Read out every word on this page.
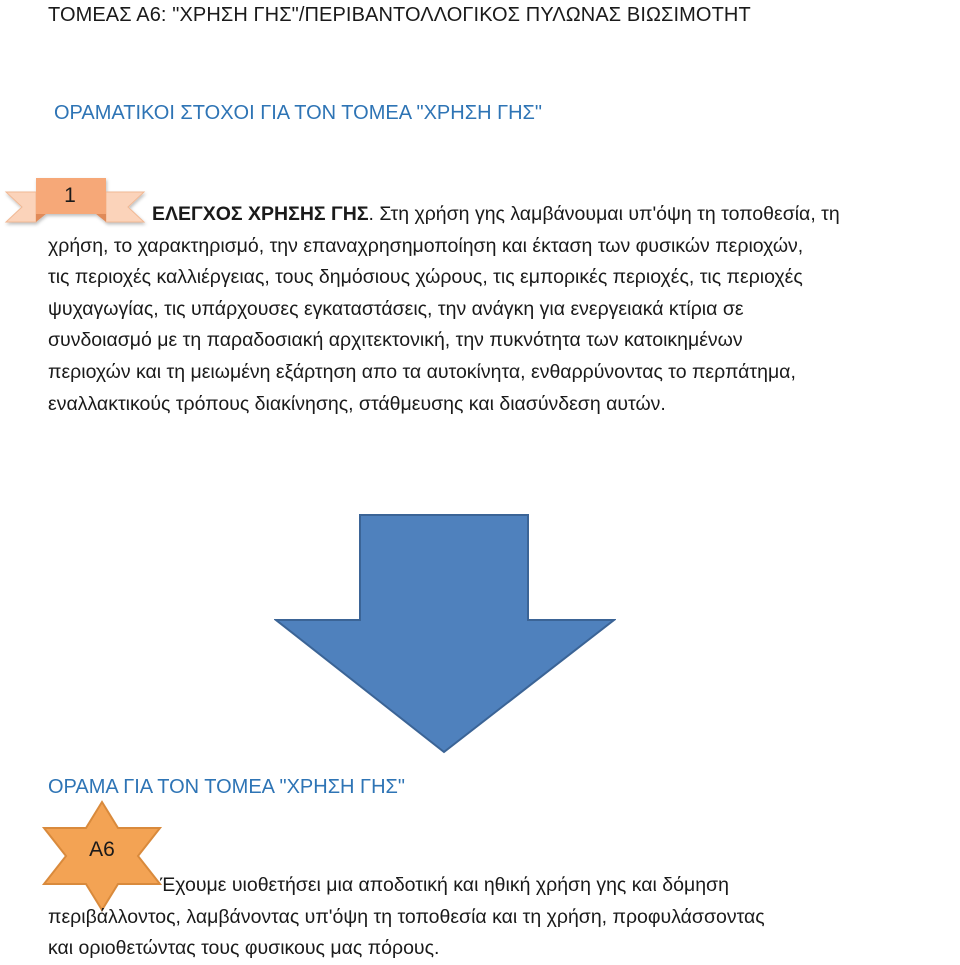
ΤΟΜΕΑΣ Α6: "ΧΡΗΣΗ ΓΗΣ"/ΠΕΡΙΒΑΝΤΟΛΛΟΓΙΚΟΣ ΠΥΛΩΝΑΣ ΒΙΩΣΙΜΟΤΗΤ
ΟΡΑΜΑΤΙΚΟΙ ΣΤΟΧΟΙ ΓΙΑ ΤΟΝ ΤΟΜΕΑ "ΧΡΗΣΗ ΓΗΣ"
1
ΕΛΕΓΧΟΣ ΧΡΗΣΗΣ ΓΗΣ. Στη χρήση γης λαμβάνουμαι υπ'όψη τη τοποθεσία, τη
χρήση, το χαρακτηρισμό, την επαναχρησημοποίηση και έκταση των φυσικών περιοχών,
τις περιοχές καλλιέργειας, τους δημόσιους χώρους, τις εμπορικές περιοχές, τις περιοχές
ψυχαγωγίας, τις υπάρχουσες εγκαταστάσεις, την ανάγκη για ενεργειακά κτίρια σε
συνδοιασμό με τη παραδοσιακή αρχιτεκτονική, την πυκνότητα των κατοικημένων
περιοχών και τη μειωμένη εξάρτηση απο τα αυτοκίνητα, ενθαρρύνοντας το περπάτημα,
εναλλακτικούς τρόπους διακίνησης, στάθμευσης και διασύνδεση αυτών.
ΟΡΑΜΑ ΓΙΑ ΤΟΝ ΤΟΜΕΑ "ΧΡΗΣΗ ΓΗΣ"
Α6
Έχουμε υιοθετήσει μια αποδοτική και ηθική χρήση γης και δόμηση
περιβάλλοντος, λαμβάνοντας υπ'όψη τη τοποθεσία και τη χρήση, προφυλάσσοντας
και οριοθετώντας τους φυσικους μας πόρους.
